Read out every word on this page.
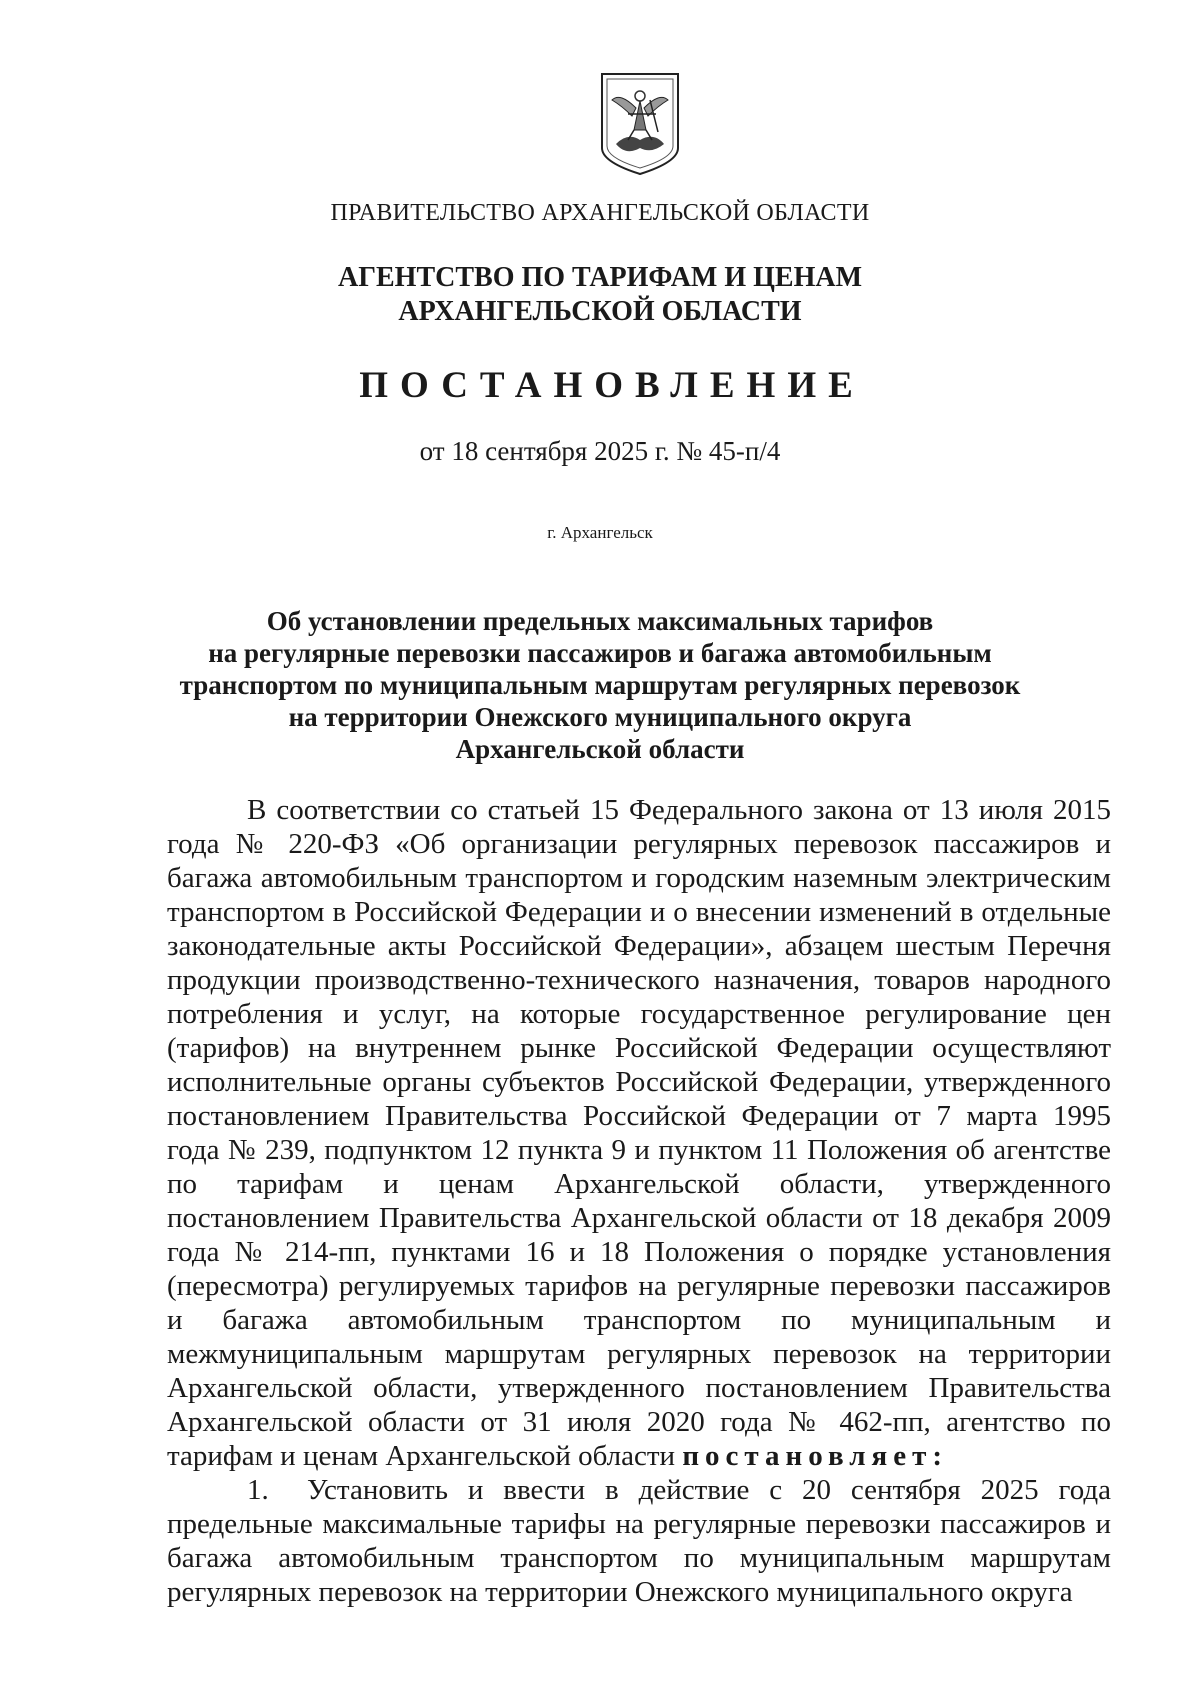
ПРАВИТЕЛЬСТВО АРХАНГЕЛЬСКОЙ ОБЛАСТИ
АГЕНТСТВО ПО ТАРИФАМ И ЦЕНАМ
АРХАНГЕЛЬСКОЙ ОБЛАСТИ
ПОСТАНОВЛЕНИЕ
от 18 сентября 2025 г. № 45-п/4
г. Архангельск
Об установлении предельных максимальных тарифов
на регулярные перевозки пассажиров и багажа автомобильным
транспортом по муниципальным маршрутам регулярных перевозок
на территории Онежского муниципального округа
Архангельской области

В соответствии со статьей 15 Федерального закона от 13 июля 2015 года № 220-ФЗ «Об организации регулярных перевозок пассажиров и багажа автомобильным транспортом и городским наземным электрическим транспортом в Российской Федерации и о внесении изменений в отдельные законодательные акты Российской Федерации», абзацем шестым Перечня продукции производственно-технического назначения, товаров народного потребления и услуг, на которые государственное регулирование цен (тарифов) на внутреннем рынке Российской Федерации осуществляют исполнительные органы субъектов Российской Федерации, утвержденного постановлением Правительства Российской Федерации от 7 марта 1995 года № 239, подпунктом 12 пункта 9 и пунктом 11 Положения об агентстве по тарифам и ценам Архангельской области, утвержденного постановлением Правительства Архангельской области от 18 декабря 2009 года № 214-пп, пунктами 16 и 18 Положения о порядке установления (пересмотра) регулируемых тарифов на регулярные перевозки пассажиров и багажа автомобильным транспортом по муниципальным и межмуниципальным маршрутам регулярных перевозок на территории Архангельской области, утвержденного постановлением Правительства Архангельской области от 31 июля 2020 года № 462-пп, агентство по тарифам и ценам Архангельской области постановляет:

1. Установить и ввести в действие с 20 сентября 2025 года предельные максимальные тарифы на регулярные перевозки пассажиров и багажа автомобильным транспортом по муниципальным маршрутам регулярных перевозок на территории Онежского муниципального округа
